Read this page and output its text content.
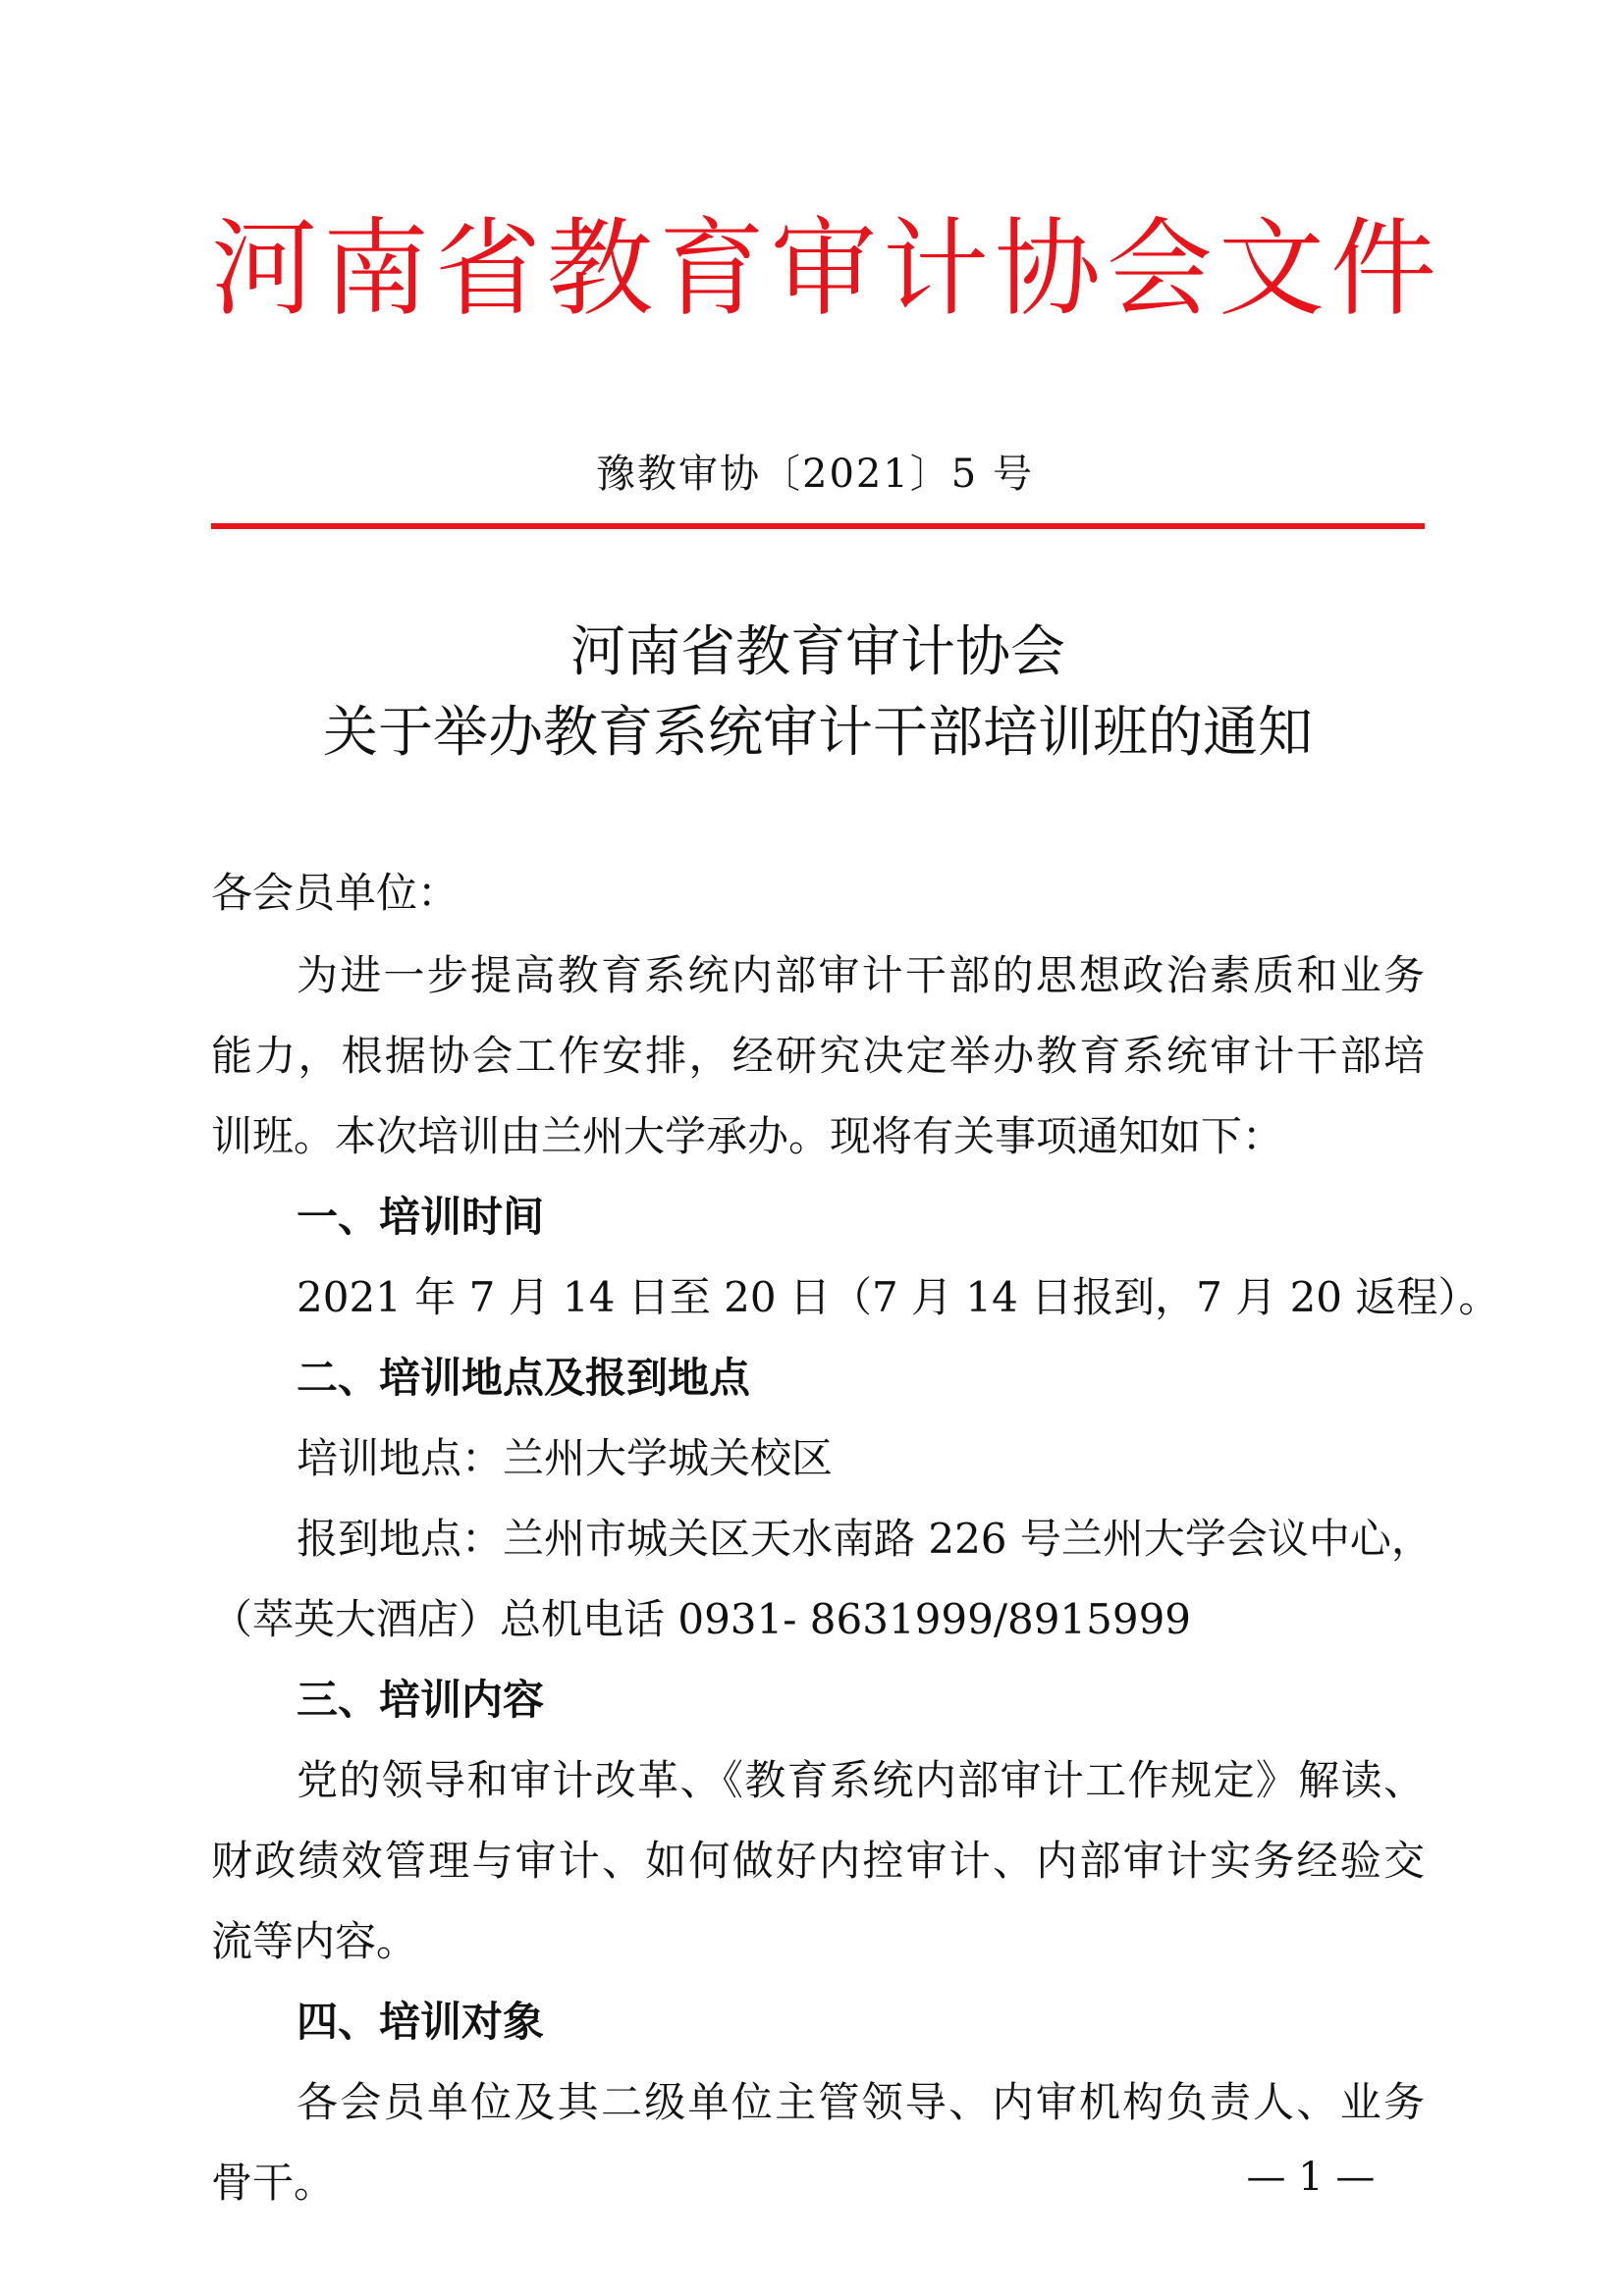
河南省教育审计协会文件
豫教审协〔2021〕5 号
河南省教育审计协会
关于举办教育系统审计干部培训班的通知
各会员单位：
为进一步提高教育系统内部审计干部的思想政治素质和业务
能力，根据协会工作安排，经研究决定举办教育系统审计干部培
训班。本次培训由兰州大学承办。现将有关事项通知如下：
一、培训时间
2021 年 7 月 14 日至 20 日（7 月 14 日报到，7 月 20 返程）。
二、培训地点及报到地点
培训地点：兰州大学城关校区
报到地点：兰州市城关区天水南路 226 号兰州大学会议中心，
（萃英大酒店）总机电话 0931- 8631999/8915999
三、培训内容
党的领导和审计改革、《教育系统内部审计工作规定》解读、
财政绩效管理与审计、如何做好内控审计、内部审计实务经验交
流等内容。
四、培训对象
各会员单位及其二级单位主管领导、内审机构负责人、业务
骨干。	— 1 —
